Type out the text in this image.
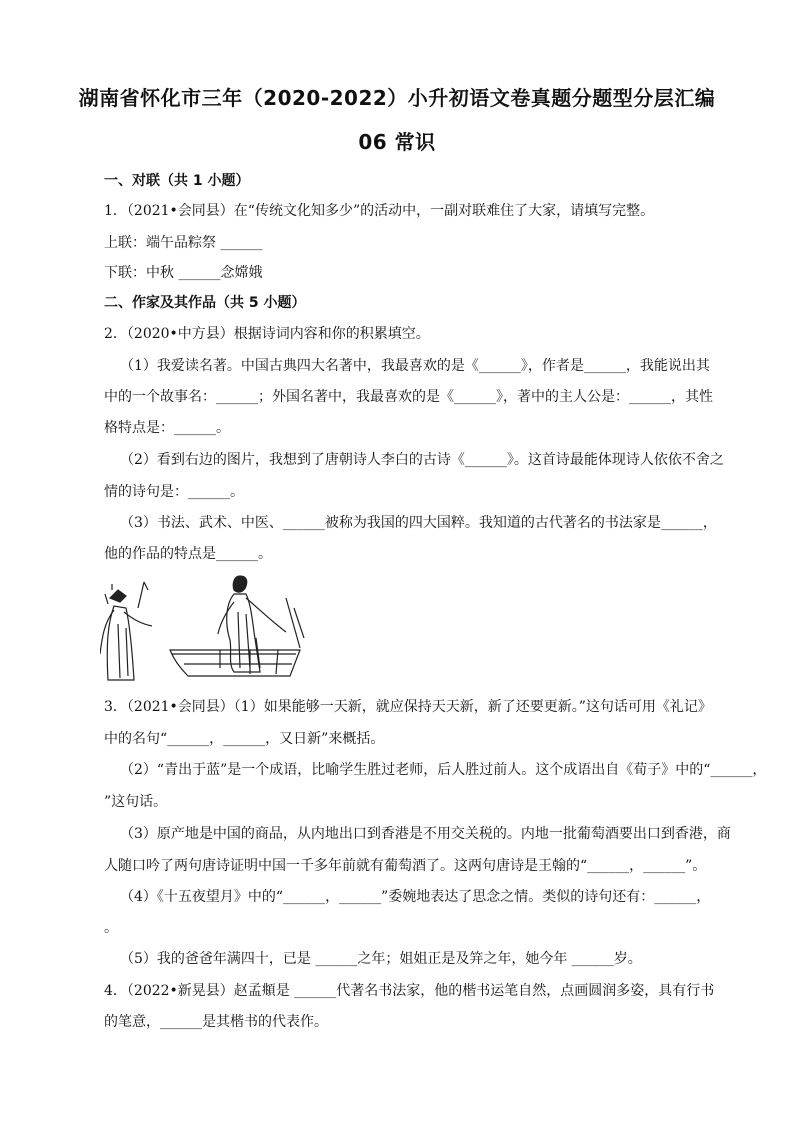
湖南省怀化市三年（2020-2022）小升初语文卷真题分题型分层汇编
06 常识
一、对联（共 1 小题）
1．（2021•会同县）在“传统文化知多少”的活动中，一副对联难住了大家，请填写完整。
上联：端午品粽祭 ______
下联：中秋 ______念嫦娥
二、作家及其作品（共 5 小题）
2．（2020•中方县）根据诗词内容和你的积累填空。
（1）我爱读名著。中国古典四大名著中，我最喜欢的是《______》，作者是______，我能说出其
中的一个故事名：______；外国名著中，我最喜欢的是《______》，著中的主人公是：______，其性
格特点是：______。
（2）看到右边的图片，我想到了唐朝诗人李白的古诗《______》。这首诗最能体现诗人依依不舍之
情的诗句是：______。
（3）书法、武术、中医、______被称为我国的四大国粹。我知道的古代著名的书法家是______，
他的作品的特点是______。
3．（2021•会同县）（1）如果能够一天新，就应保持天天新，新了还要更新。”这句话可用《礼记》
中的名句“______，______，又日新”来概括。
（2）“青出于蓝”是一个成语，比喻学生胜过老师，后人胜过前人。这个成语出自《荀子》中的“______，
”这句话。
（3）原产地是中国的商品，从内地出口到香港是不用交关税的。内地一批葡萄酒要出口到香港，商
人随口吟了两句唐诗证明中国一千多年前就有葡萄酒了。这两句唐诗是王翰的“______，______”。
（4）《十五夜望月》中的“______，______”委婉地表达了思念之情。类似的诗句还有：______，
。
（5）我的爸爸年满四十，已是 ______之年；姐姐正是及笄之年，她今年 ______岁。
4．（2022•新晃县）赵孟頫是 ______代著名书法家，他的楷书运笔自然，点画圆润多姿，具有行书
的笔意，______是其楷书的代表作。
